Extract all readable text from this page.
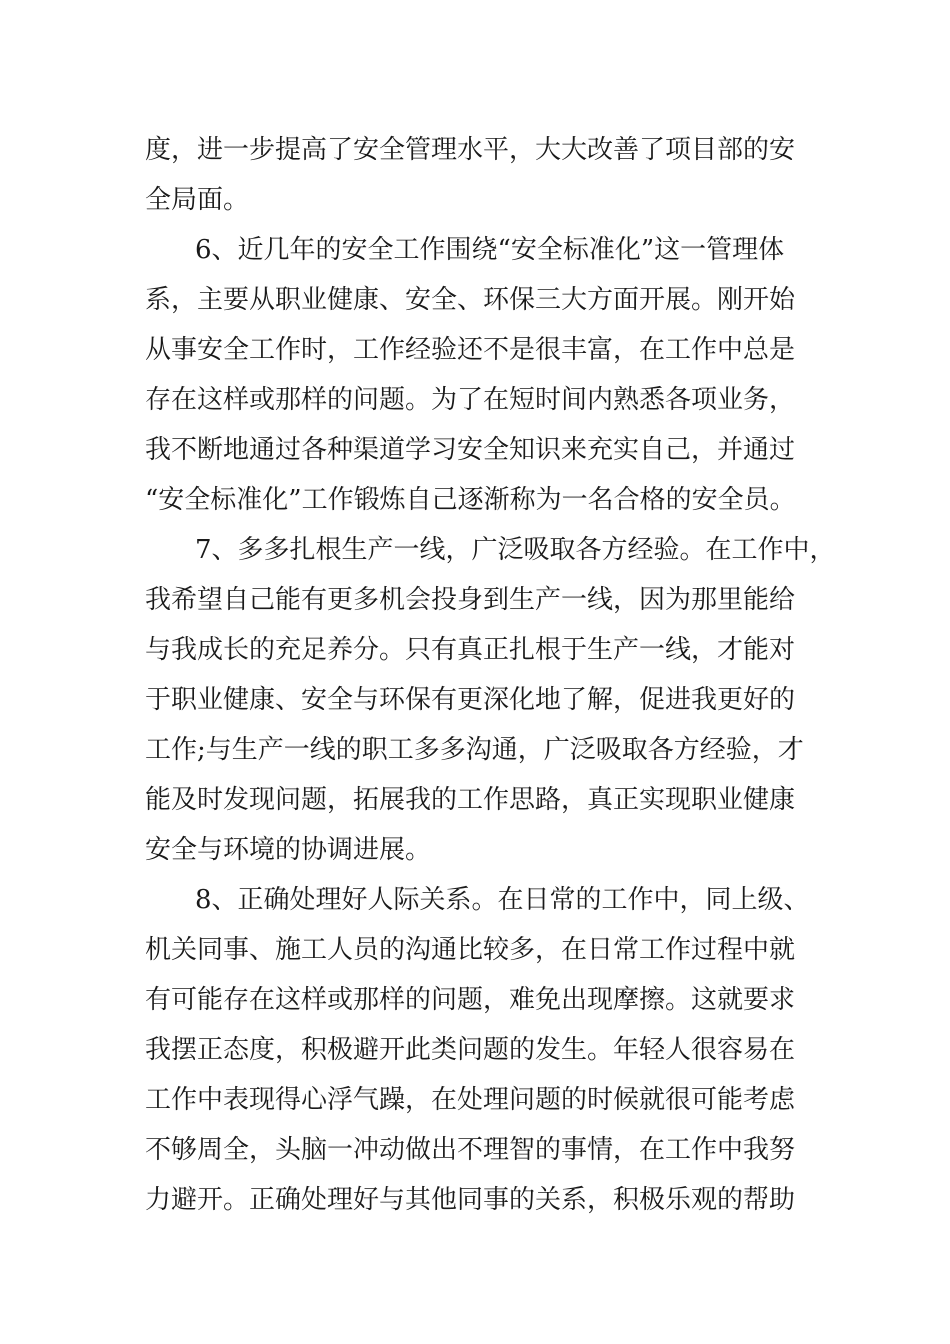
度，进一步提高了安全管理水平，大大改善了项目部的安
全局面。
6、近几年的安全工作围绕“安全标准化”这一管理体
系，主要从职业健康、安全、环保三大方面开展。刚开始
从事安全工作时，工作经验还不是很丰富，在工作中总是
存在这样或那样的问题。为了在短时间内熟悉各项业务，
我不断地通过各种渠道学习安全知识来充实自己，并通过
“安全标准化”工作锻炼自己逐渐称为一名合格的安全员。
7、多多扎根生产一线，广泛吸取各方经验。在工作中，
我希望自己能有更多机会投身到生产一线，因为那里能给
与我成长的充足养分。只有真正扎根于生产一线，才能对
于职业健康、安全与环保有更深化地了解，促进我更好的
工作;与生产一线的职工多多沟通，广泛吸取各方经验，才
能及时发现问题，拓展我的工作思路，真正实现职业健康
安全与环境的协调进展。
8、正确处理好人际关系。在日常的工作中，同上级、
机关同事、施工人员的沟通比较多，在日常工作过程中就
有可能存在这样或那样的问题，难免出现摩擦。这就要求
我摆正态度，积极避开此类问题的发生。年轻人很容易在
工作中表现得心浮气躁，在处理问题的时候就很可能考虑
不够周全，头脑一冲动做出不理智的事情，在工作中我努
力避开。正确处理好与其他同事的关系，积极乐观的帮助
